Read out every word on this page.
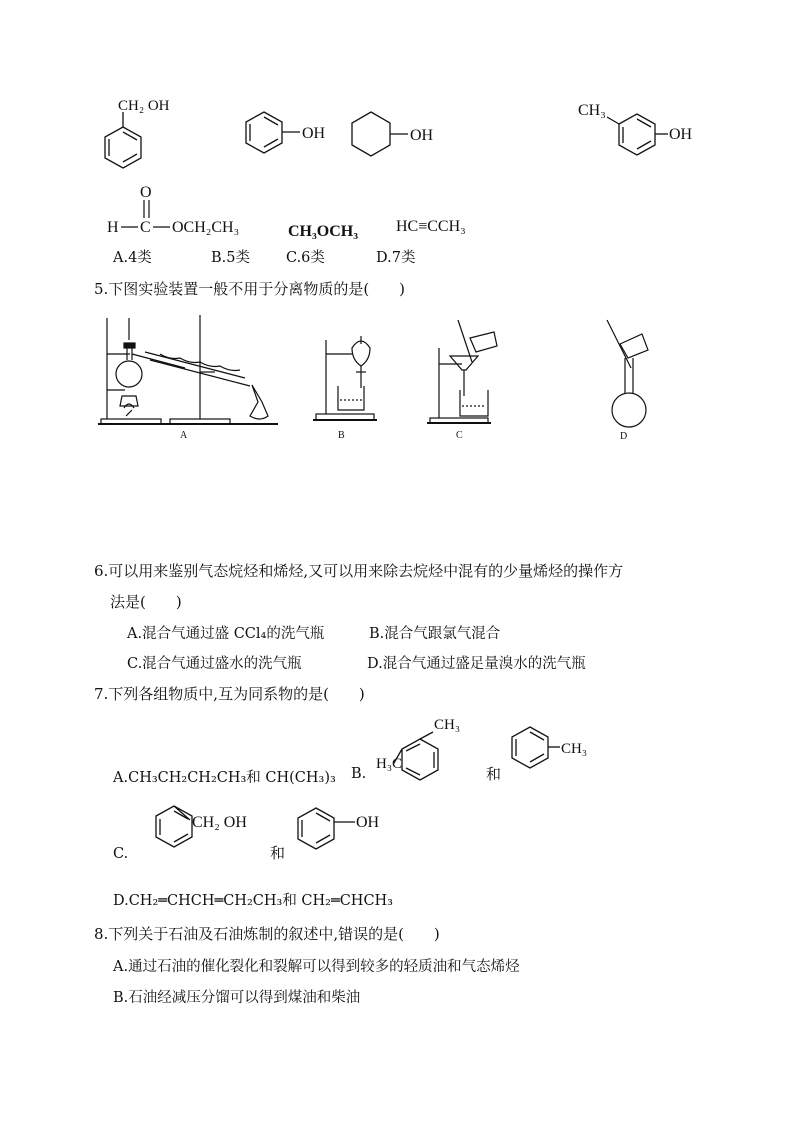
CH₂ OH
OH	OH
CH₃
OH
O
H C OCH₂CH₃	CH₃OCH₃ HC≡CCH₃
A.4类	B.5类 C.6类	D.7类
5.下图实验装置一般不用于分离物质的是(　　)
A	B	C	D
6.可以用来鉴别气态烷烃和烯烃,又可以用来除去烷烃中混有的少量烯烃的操作方
法是(　　)
A.混合气通过盛 CCl₄的洗气瓶	B.混合气跟氯气混合
C.混合气通过盛水的洗气瓶	D.混合气通过盛足量溴水的洗气瓶
7.下列各组物质中,互为同系物的是(　　)
A.CH₃CH₂CH₂CH₃和 CH(CH₃)₃ B.
CH₃
H₃C
和
CH₃
C.
CH₂ OH
和
OH
D.CH₂═CHCH═CH₂CH₃和 CH₂═CHCH₃
8.下列关于石油及石油炼制的叙述中,错误的是(　　)
A.通过石油的催化裂化和裂解可以得到较多的轻质油和气态烯烃
B.石油经减压分馏可以得到煤油和柴油
